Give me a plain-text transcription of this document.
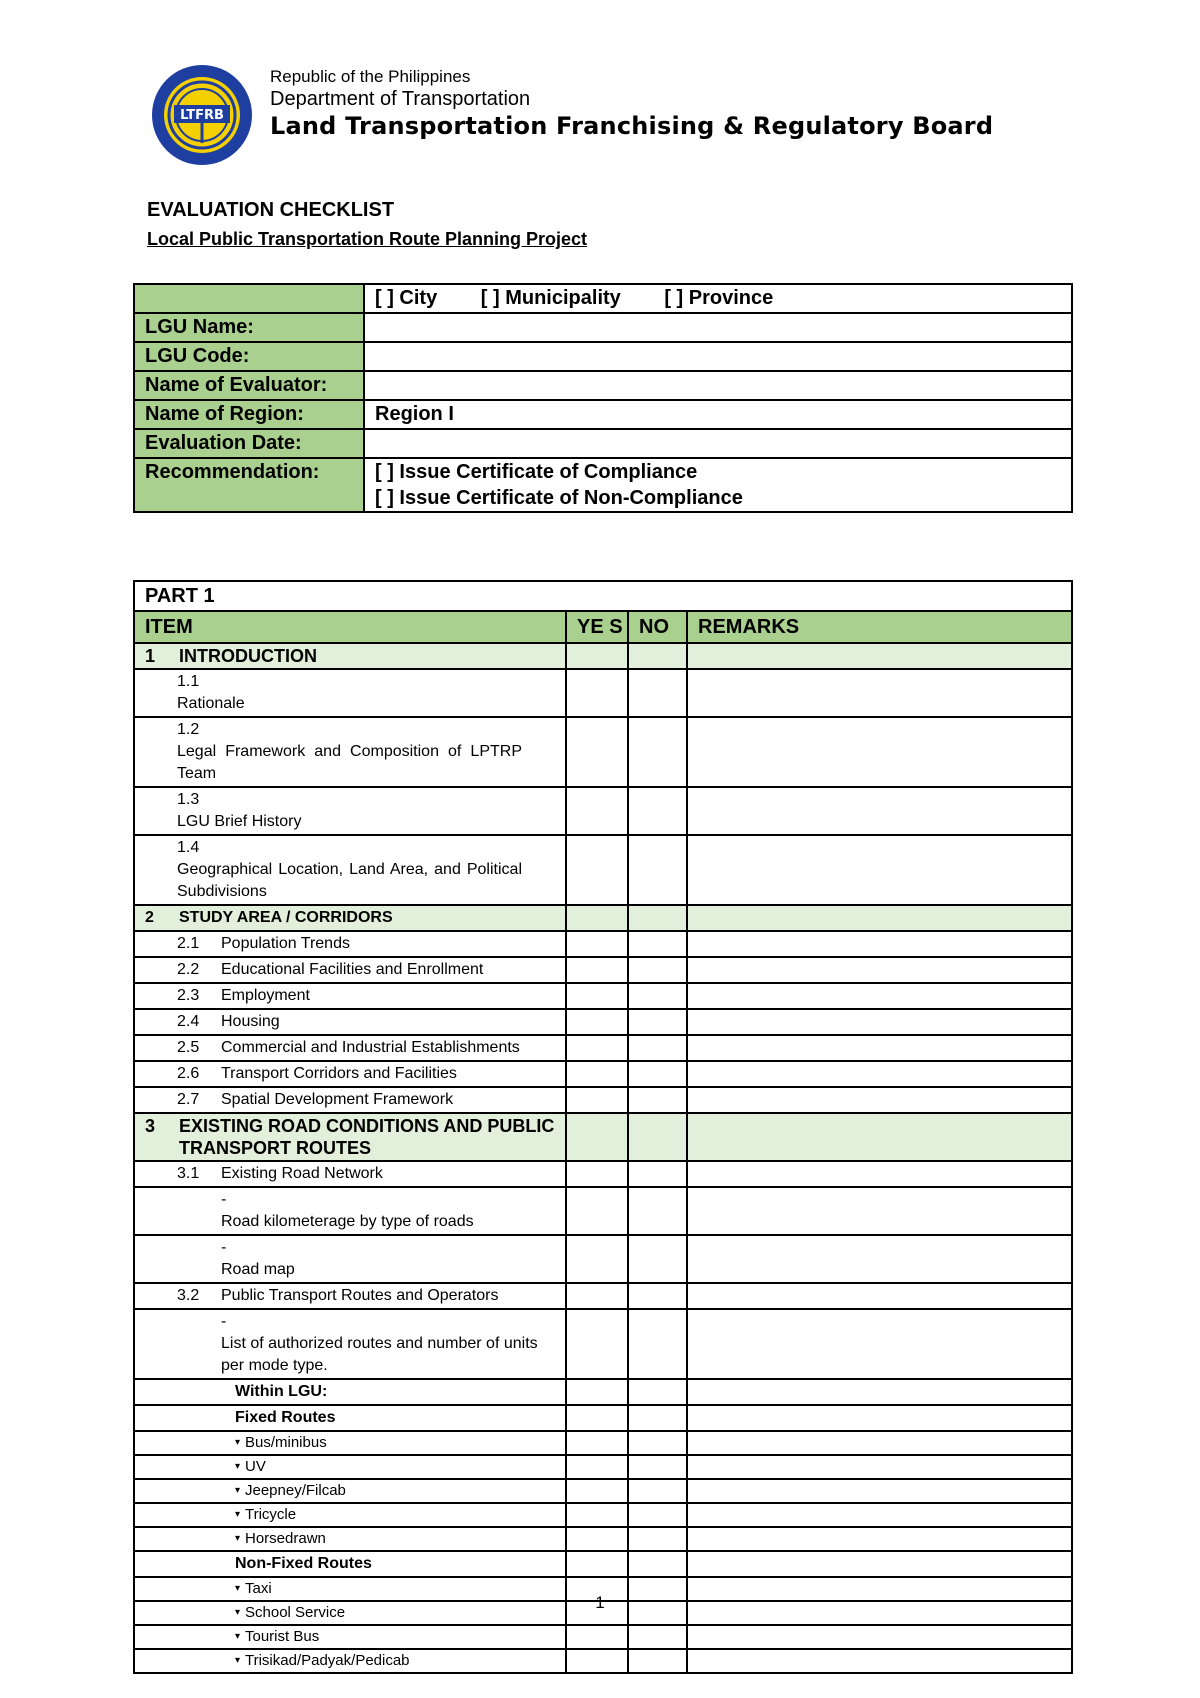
LTFRB
Republic of the Philippines
Department of Transportation
Land Transportation Franchising & Regulatory Board
EVALUATION CHECKLIST
Local Public Transportation Route Planning Project
	[ ] City [ ] Municipality [ ] Province
LGU Name:	
LGU Code:	
Name of Evaluator:	
Name of Region:	Region I
Evaluation Date:	
Recommendation:	[ ] Issue Certificate of Compliance
[ ] Issue Certificate of Non-Compliance
PART 1			
ITEM	YE S	NO	REMARKS
1 INTRODUCTION			
1.1Rationale			
1.2Legal Framework and Composition of LPTRP Team			
1.3LGU Brief History			
1.4Geographical Location, Land Area, and Political Subdivisions			
2 STUDY AREA / CORRIDORS			
2.1 Population Trends			
2.2 Educational Facilities and Enrollment			
2.3 Employment			
2.4 Housing			
2.5 Commercial and Industrial Establishments			
2.6 Transport Corridors and Facilities			
2.7 Spatial Development Framework			
3 EXISTING ROAD CONDITIONS AND PUBLIC TRANSPORT ROUTES			
3.1 Existing Road Network			
-Road kilometerage by type of roads			
-Road map			
3.2 Public Transport Routes and Operators			
-List of authorized routes and number of units per mode type.			
Within LGU:			
Fixed Routes			
▾ Bus/minibus			
▾ UV			
▾ Jeepney/Filcab			
▾ Tricycle			
▾ Horsedrawn			
Non-Fixed Routes			
▾ Taxi			
▾ School Service			
▾ Tourist Bus			
▾ Trisikad/Padyak/Pedicab			
1
